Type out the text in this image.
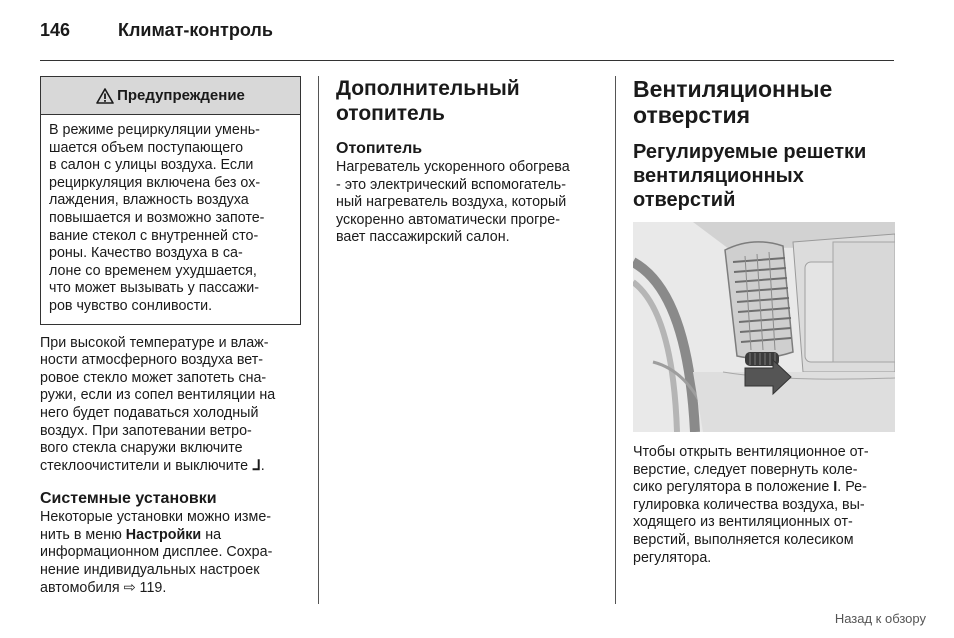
146	Климат-контроль
Предупреждение
В режиме рециркуляции умень-
шается объем поступающего
в салон с улицы воздуха. Если
рециркуляция включена без ох-
лаждения, влажность воздуха
повышается и возможно запоте-
вание стекол с внутренней сто-
роны. Качество воздуха в са-
лоне со временем ухудшается,
что может вызывать у пассажи-
ров чувство сонливости.
При высокой температуре и влаж-
ности атмосферного воздуха вет-
ровое стекло может запотеть сна-
ружи, если из сопел вентиляции на
него будет подаваться холодный
воздух. При запотевании ветро-
вого стекла снаружи включите
стеклоочистители и выключите ᒧ.
Системные установки
Некоторые установки можно изме-
нить в меню Настройки на
информационном дисплее. Сохра-
нение индивидуальных настроек
автомобиля ⇨ 119.
Дополнительный
отопитель
Отопитель
Нагреватель ускоренного обогрева
- это электрический вспомогатель-
ный нагреватель воздуха, который
ускоренно автоматически прогре-
вает пассажирский салон.
Вентиляционные
отверстия
Регулируемые решетки
вентиляционных
отверстий
Чтобы открыть вентиляционное от-
верстие, следует повернуть коле-
сико регулятора в положение I. Ре-
гулировка количества воздуха, вы-
ходящего из вентиляционных от-
верстий, выполняется колесиком
регулятора.
Назад к обзору
